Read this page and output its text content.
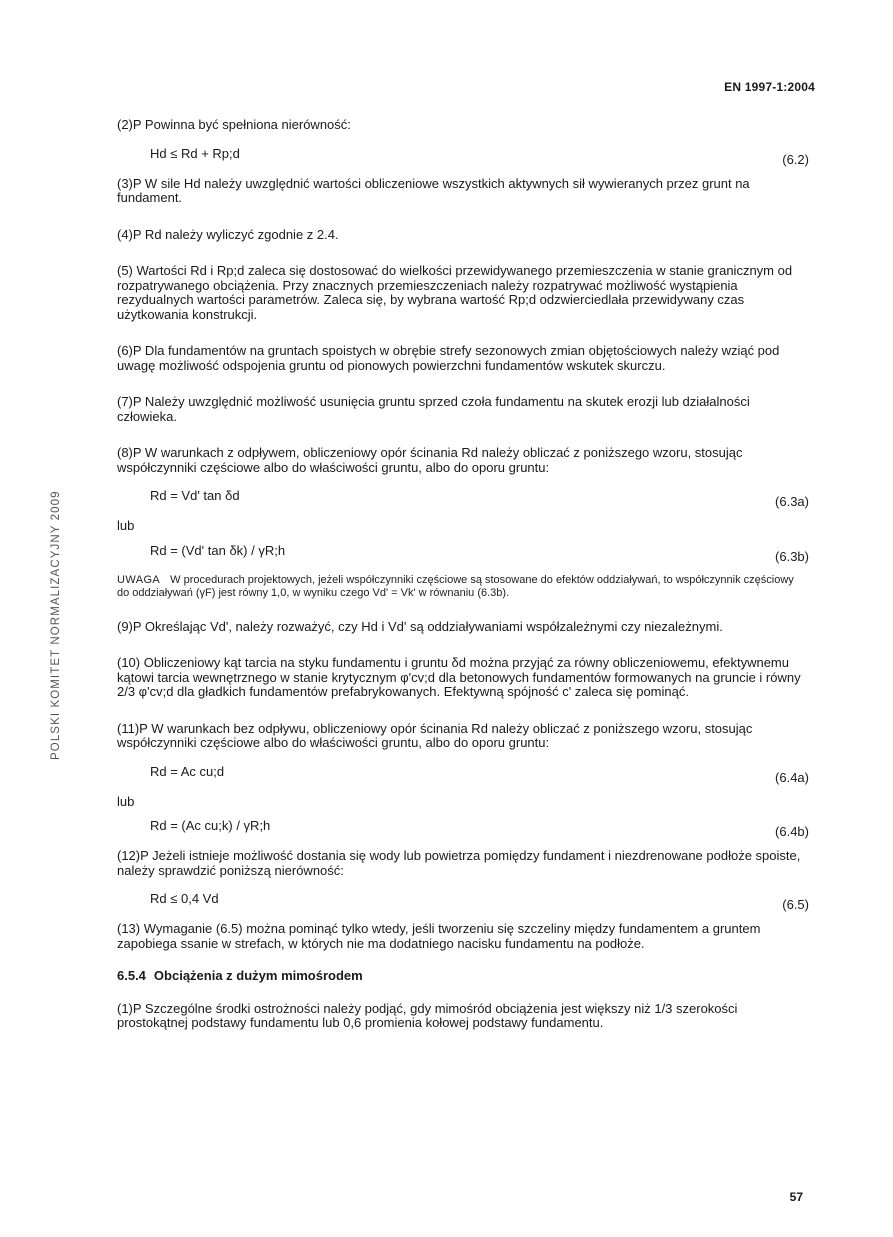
EN 1997-1:2004
POLSKI KOMITET NORMALIZACYJNY 2009

(2)P Powinna być spełniona nierówność:

Hd ≤ Rd + Rp;d	(6.2)

(3)P W sile Hd należy uwzględnić wartości obliczeniowe wszystkich aktywnych sił wywieranych przez grunt na fundament.

(4)P Rd należy wyliczyć zgodnie z 2.4.

(5) Wartości Rd i Rp;d zaleca się dostosować do wielkości przewidywanego przemieszczenia w stanie granicznym od rozpatrywanego obciążenia. Przy znacznych przemieszczeniach należy rozpatrywać możliwość wystąpienia rezydualnych wartości parametrów. Zaleca się, by wybrana wartość Rp;d odzwierciedlała przewidywany czas użytkowania konstrukcji.

(6)P Dla fundamentów na gruntach spoistych w obrębie strefy sezonowych zmian objętościowych należy wziąć pod uwagę możliwość odspojenia gruntu od pionowych powierzchni fundamentów wskutek skurczu.

(7)P Należy uwzględnić możliwość usunięcia gruntu sprzed czoła fundamentu na skutek erozji lub działalności człowieka.

(8)P W warunkach z odpływem, obliczeniowy opór ścinania Rd należy obliczać z poniższego wzoru, stosując współczynniki częściowe albo do właściwości gruntu, albo do oporu gruntu:

Rd = Vd' tan δd	(6.3a)
lub
Rd = (Vd' tan δk) / γR;h	(6.3b)

UWAGA W procedurach projektowych, jeżeli współczynniki częściowe są stosowane do efektów oddziaływań, to współczynnik częściowy do oddziaływań (γF) jest równy 1,0, w wyniku czego Vd' = Vk' w równaniu (6.3b).

(9)P Określając Vd', należy rozważyć, czy Hd i Vd' są oddziaływaniami współzależnymi czy niezależnymi.

(10) Obliczeniowy kąt tarcia na styku fundamentu i gruntu δd można przyjąć za równy obliczeniowemu, efektywnemu kątowi tarcia wewnętrznego w stanie krytycznym φ'cv;d dla betonowych fundamentów formowanych na gruncie i równy 2/3 φ'cv;d dla gładkich fundamentów prefabrykowanych. Efektywną spójność c' zaleca się pominąć.

(11)P W warunkach bez odpływu, obliczeniowy opór ścinania Rd należy obliczać z poniższego wzoru, stosując współczynniki częściowe albo do właściwości gruntu, albo do oporu gruntu:

Rd = Ac cu;d	(6.4a)
lub
Rd = (Ac cu;k) / γR;h	(6.4b)

(12)P Jeżeli istnieje możliwość dostania się wody lub powietrza pomiędzy fundament i niezdrenowane podłoże spoiste, należy sprawdzić poniższą nierówność:

Rd ≤ 0,4 Vd	(6.5)

(13) Wymaganie (6.5) można pominąć tylko wtedy, jeśli tworzeniu się szczeliny między fundamentem a gruntem zapobiega ssanie w strefach, w których nie ma dodatniego nacisku fundamentu na podłoże.

6.5.4 Obciążenia z dużym mimośrodem

(1)P Szczególne środki ostrożności należy podjąć, gdy mimośród obciążenia jest większy niż 1/3 szerokości prostokątnej podstawy fundamentu lub 0,6 promienia kołowej podstawy fundamentu.

57
